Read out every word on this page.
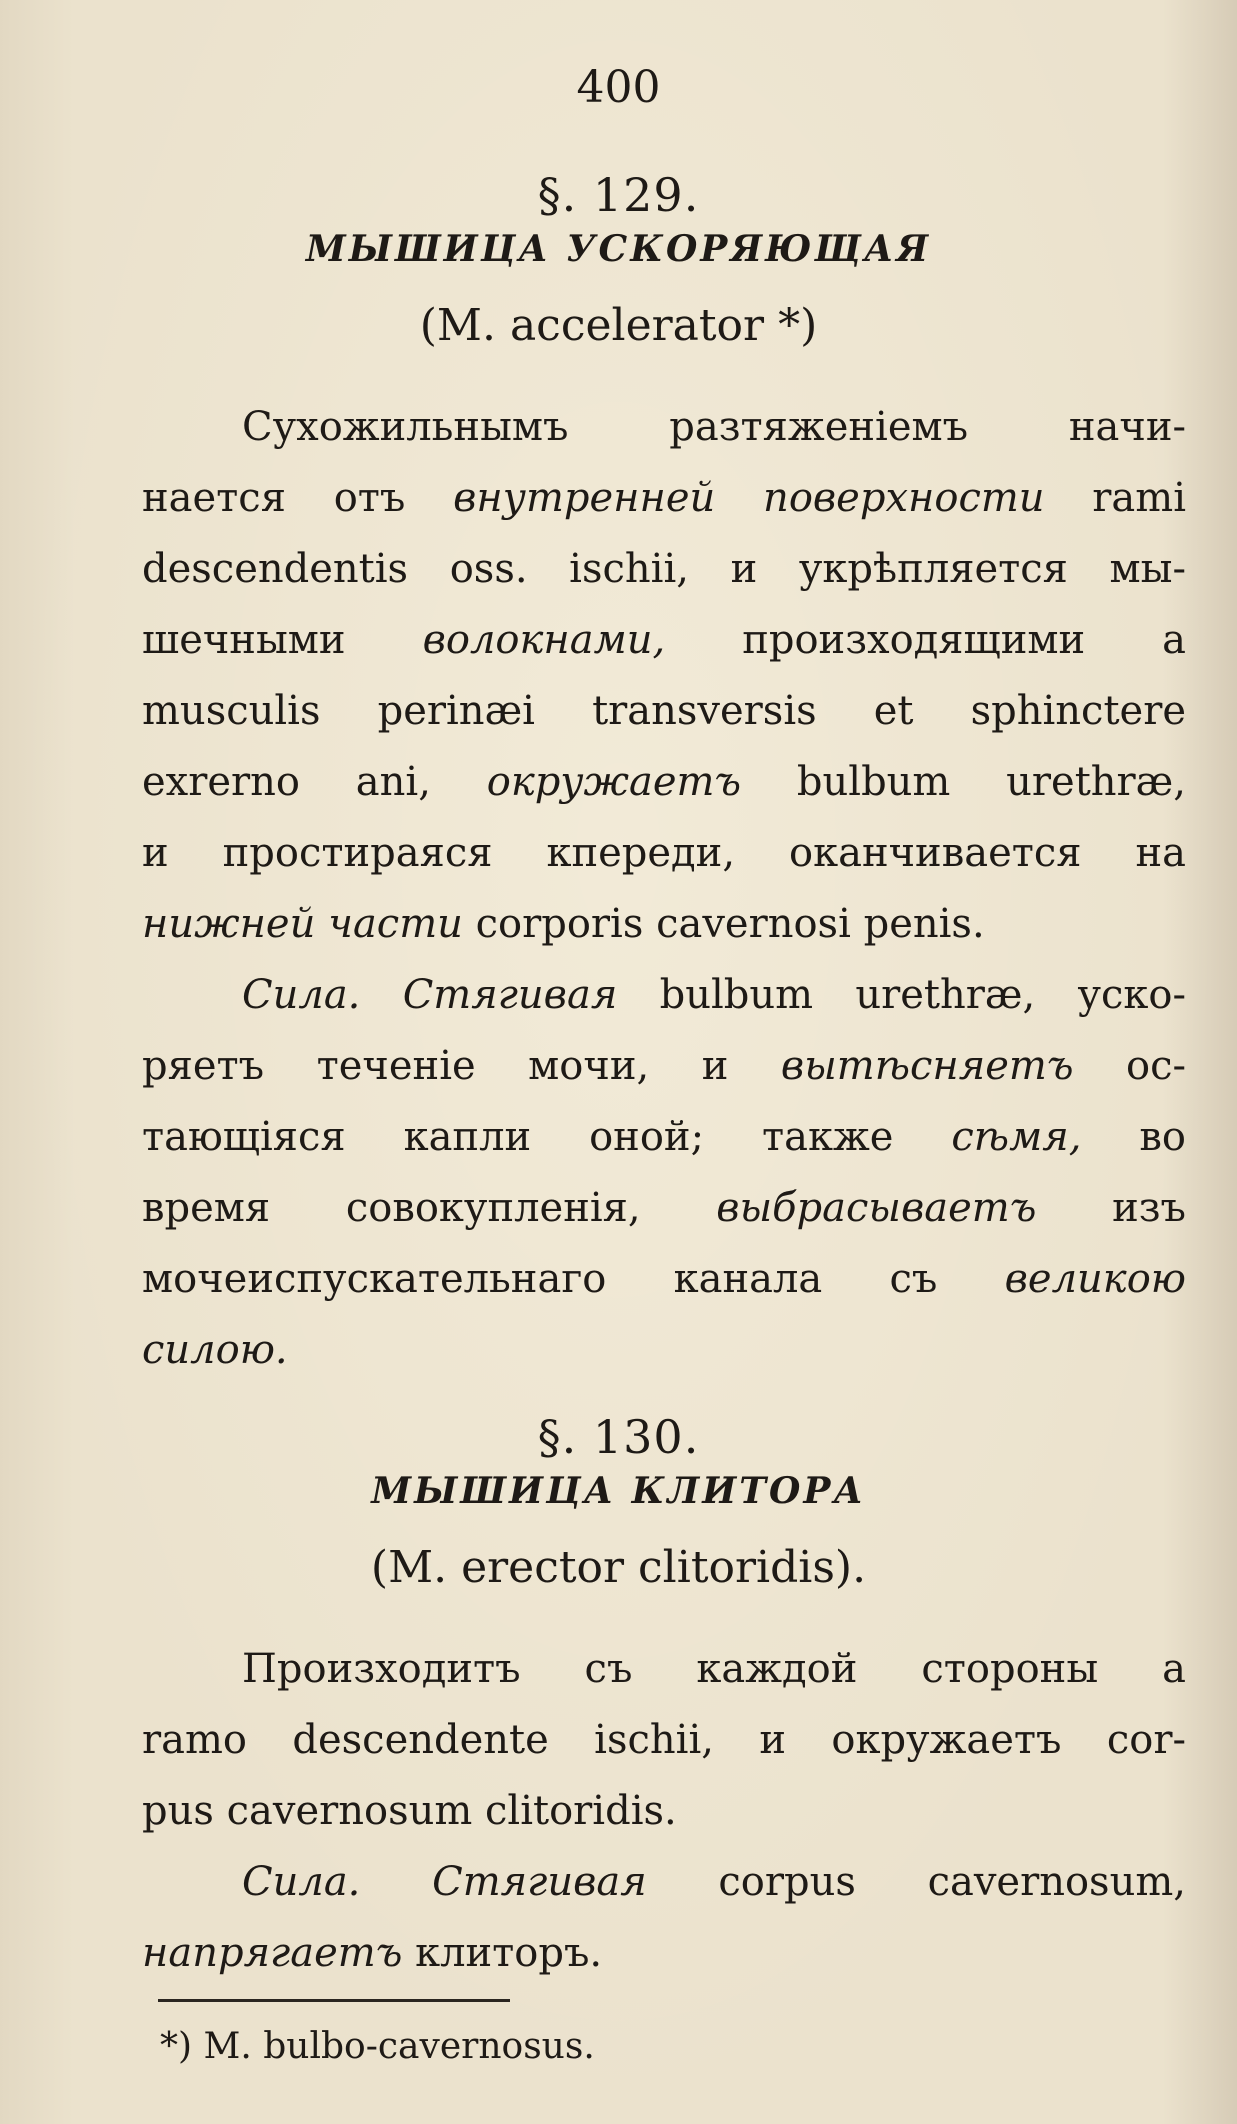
400
§. 129.
МЫШИЦА УСКОРЯЮЩАЯ
(M. accelerator *)
Сухожильнымъ разтяженіемъ начи-
нается отъ внутренней поверхности rami
descendentis oss. ischii, и укрѣпляется мы-
шечными волокнами, произходящими a
musculis perinæi transversis et sphinctere
exrerno ani, окружаетъ bulbum urethræ,
и простираяся кпереди, оканчивается на
нижней части corporis cavernosi penis.
Сила. Стягивая bulbum urethræ, уско-
ряетъ теченіе мочи, и вытѣсняетъ ос-
тающіяся капли оной; также сѣмя, во
время совокупленія, выбрасываетъ изъ
мочеиспускательнаго канала съ великою
силою.
§. 130.
МЫШИЦА КЛИТОРА
(M. erector clitoridis).
Произходитъ съ каждой стороны a
ramo descendente ischii, и окружаетъ cor-
pus cavernosum clitoridis.
Сила. Стягивая corpus cavernosum,
напрягаетъ клиторъ.
*) M. bulbo-cavernosus.
